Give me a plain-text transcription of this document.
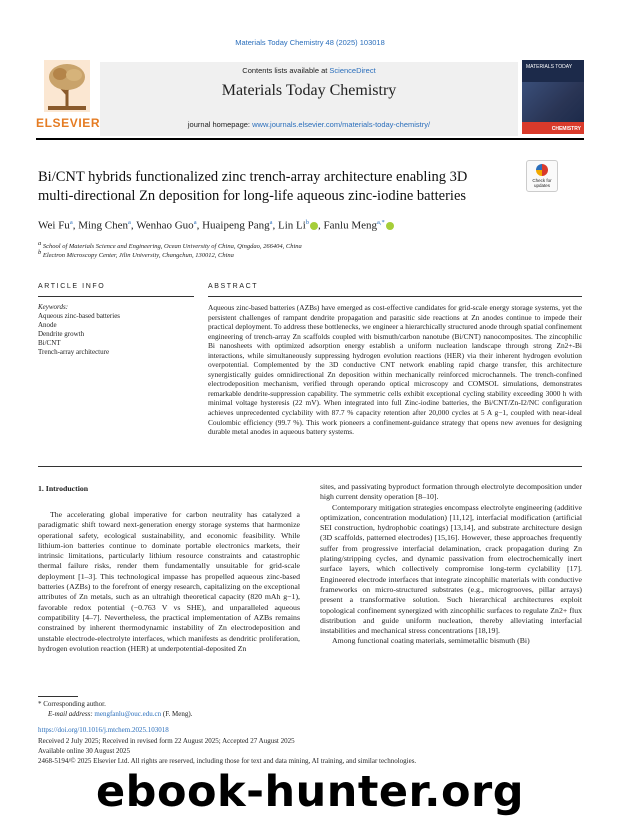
Materials Today Chemistry 48 (2025) 103018
ELSEVIER
Contents lists available at ScienceDirect
Materials Today Chemistry
journal homepage: www.journals.elsevier.com/materials-today-chemistry/
MATERIALS TODAY
CHEMISTRY
Check for updates
Bi/CNT hybrids functionalized zinc trench-array architecture enabling 3D
multi-directional Zn deposition for long-life aqueous zinc-iodine batteries
Wei Fu$^a$, Ming Chen$^a$, Wenhao Guo$^a$, Huaipeng Pang$^a$, Lin Li$^b$ , Fanlu Meng$^{a,*}$
a School of Materials Science and Engineering, Ocean University of China, Qingdao, 266404, China
b Electron Microscopy Center, Jilin University, Changchun, 130012, China
ARTICLE INFO	ABSTRACT
Keywords:
Aqueous zinc-based batteries
Anode
Dendrite growth
Bi/CNT
Trench-array architecture
Aqueous zinc-based batteries (AZBs) have emerged as cost-effective candidates for grid-scale energy storage systems, yet the persistent challenges of rampant dendrite propagation and parasitic side reactions at Zn anodes continue to impede their practical deployment. To address these bottlenecks, we engineer a hierarchically structured anode through spatial confinement engineering of trench-array Zn scaffolds coupled with bismuth/carbon nanotube (Bi/CNT) nanocomposites. The zincophilic Bi nanosheets with optimized adsorption energy establish a uniform nucleation landscape through strong Zn2+-Bi interactions, while simultaneously suppressing hydrogen evolution reactions (HER) via their inherent hydrogen evolution overpotential. Complemented by the 3D conductive CNT network enabling rapid charge transfer, this architecture synergistically guides omnidirectional Zn deposition within mechanically reinforced microchannels. The trench-confined electrodeposition mechanism, verified through operando optical microscopy and COMSOL simulations, demonstrates remarkable dendrite-suppression capability. The symmetric cells exhibit exceptional cycling stability exceeding 3000 h with minimal voltage hysteresis (22 mV). When integrated into full Zinc-iodine batteries, the Bi/CNT/Zn-I2/NC configuration achieves unprecedented cyclability with 87.7 % capacity retention after 20,000 cycles at 5 A g−1, coupled with near-ideal Coulombic efficiency (99.7 %). This work pioneers a confinement-guidance strategy that opens new avenues for designing durable metal anodes in aqueous battery systems.
1. Introduction

The accelerating global imperative for carbon neutrality has catalyzed a paradigmatic shift toward next-generation energy storage systems that harmonize operational safety, ecological sustainability, and economic feasibility. While lithium-ion batteries continue to dominate portable electronics markets, their intrinsic limitations, particularly lithium resource constraints and catastrophic thermal failure risks, render them fundamentally unsuitable for grid-scale deployment [1–3]. This technological impasse has propelled aqueous zinc-based batteries (AZBs) to the forefront of energy research, capitalizing on the exceptional attributes of Zn metals, such as an ultrahigh theoretical capacity (820 mAh g−1), favorable redox potential (−0.763 V vs SHE), and unparalleled aqueous compatibility [4–7]. Nevertheless, the practical implementation of AZBs remains constrained by inherent thermodynamic instability of Zn electrodeposition and unstable electrode-electrolyte interfaces, which manifests as dendritic proliferation, hydrogen evolution reaction (HER) at underpotential-deposited Zn

sites, and passivating byproduct formation through electrolyte decomposition under high current density operation [8–10].

Contemporary mitigation strategies encompass electrolyte engineering (additive optimization, concentration modulation) [11,12], interfacial modification (artificial SEI construction, hydrophobic coatings) [13,14], and substrate architecture design (3D scaffolds, patterned electrodes) [15,16]. However, these approaches frequently suffer from progressive interfacial delamination, crack propagation during Zn plating/stripping cycles, and dynamic passivation from electrochemically inert surface layers, which collectively compromise long-term cyclability [17]. Engineered electrode interfaces that integrate zincophilic materials with conductive frameworks on micro-structured substrates (e.g., microgrooves, pillar arrays) present a transformative solution. Such hierarchical architectures exploit topological confinement synergized with zincophilic surfaces to regulate Zn2+ flux distribution and guide uniform nucleation, thereby alleviating interfacial instabilities and mechanical stress concentrations [18,19].

Among functional coating materials, semimetallic bismuth (Bi)

* Corresponding author.
E-mail address: mengfanlu@ouc.edu.cn (F. Meng).
https://doi.org/10.1016/j.mtchem.2025.103018
Received 2 July 2025; Received in revised form 22 August 2025; Accepted 27 August 2025
Available online 30 August 2025
2468-5194/© 2025 Elsevier Ltd. All rights are reserved, including those for text and data mining, AI training, and similar technologies.
ebook-hunter.org
